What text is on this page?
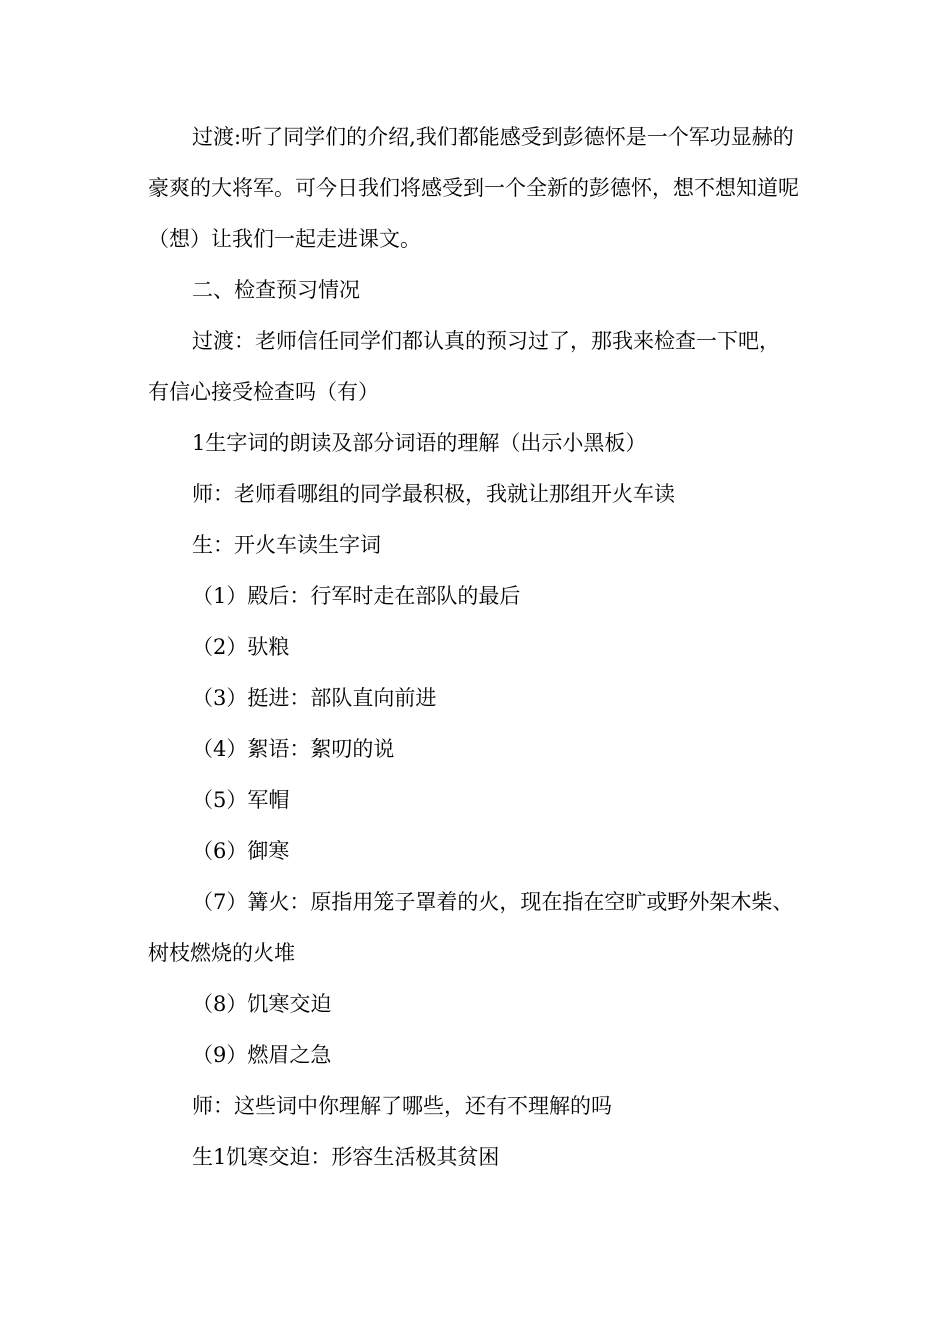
过渡:听了同学们的介绍,我们都能感受到彭德怀是一个军功显赫的豪爽的大将军。可今日我们将感受到一个全新的彭德怀，想不想知道呢（想）让我们一起走进课文。

二、检查预习情况

过渡：老师信任同学们都认真的预习过了，那我来检查一下吧，有信心接受检查吗（有）

1生字词的朗读及部分词语的理解（出示小黑板）

师：老师看哪组的同学最积极，我就让那组开火车读

生：开火车读生字词

（1）殿后：行军时走在部队的最后

（2）驮粮

（3）挺进：部队直向前进

（4）絮语：絮叨的说

（5）军帽

（6）御寒

（7）篝火：原指用笼子罩着的火，现在指在空旷或野外架木柴、树枝燃烧的火堆

（8）饥寒交迫

（9）燃眉之急

师：这些词中你理解了哪些，还有不理解的吗

生1饥寒交迫：形容生活极其贫困
